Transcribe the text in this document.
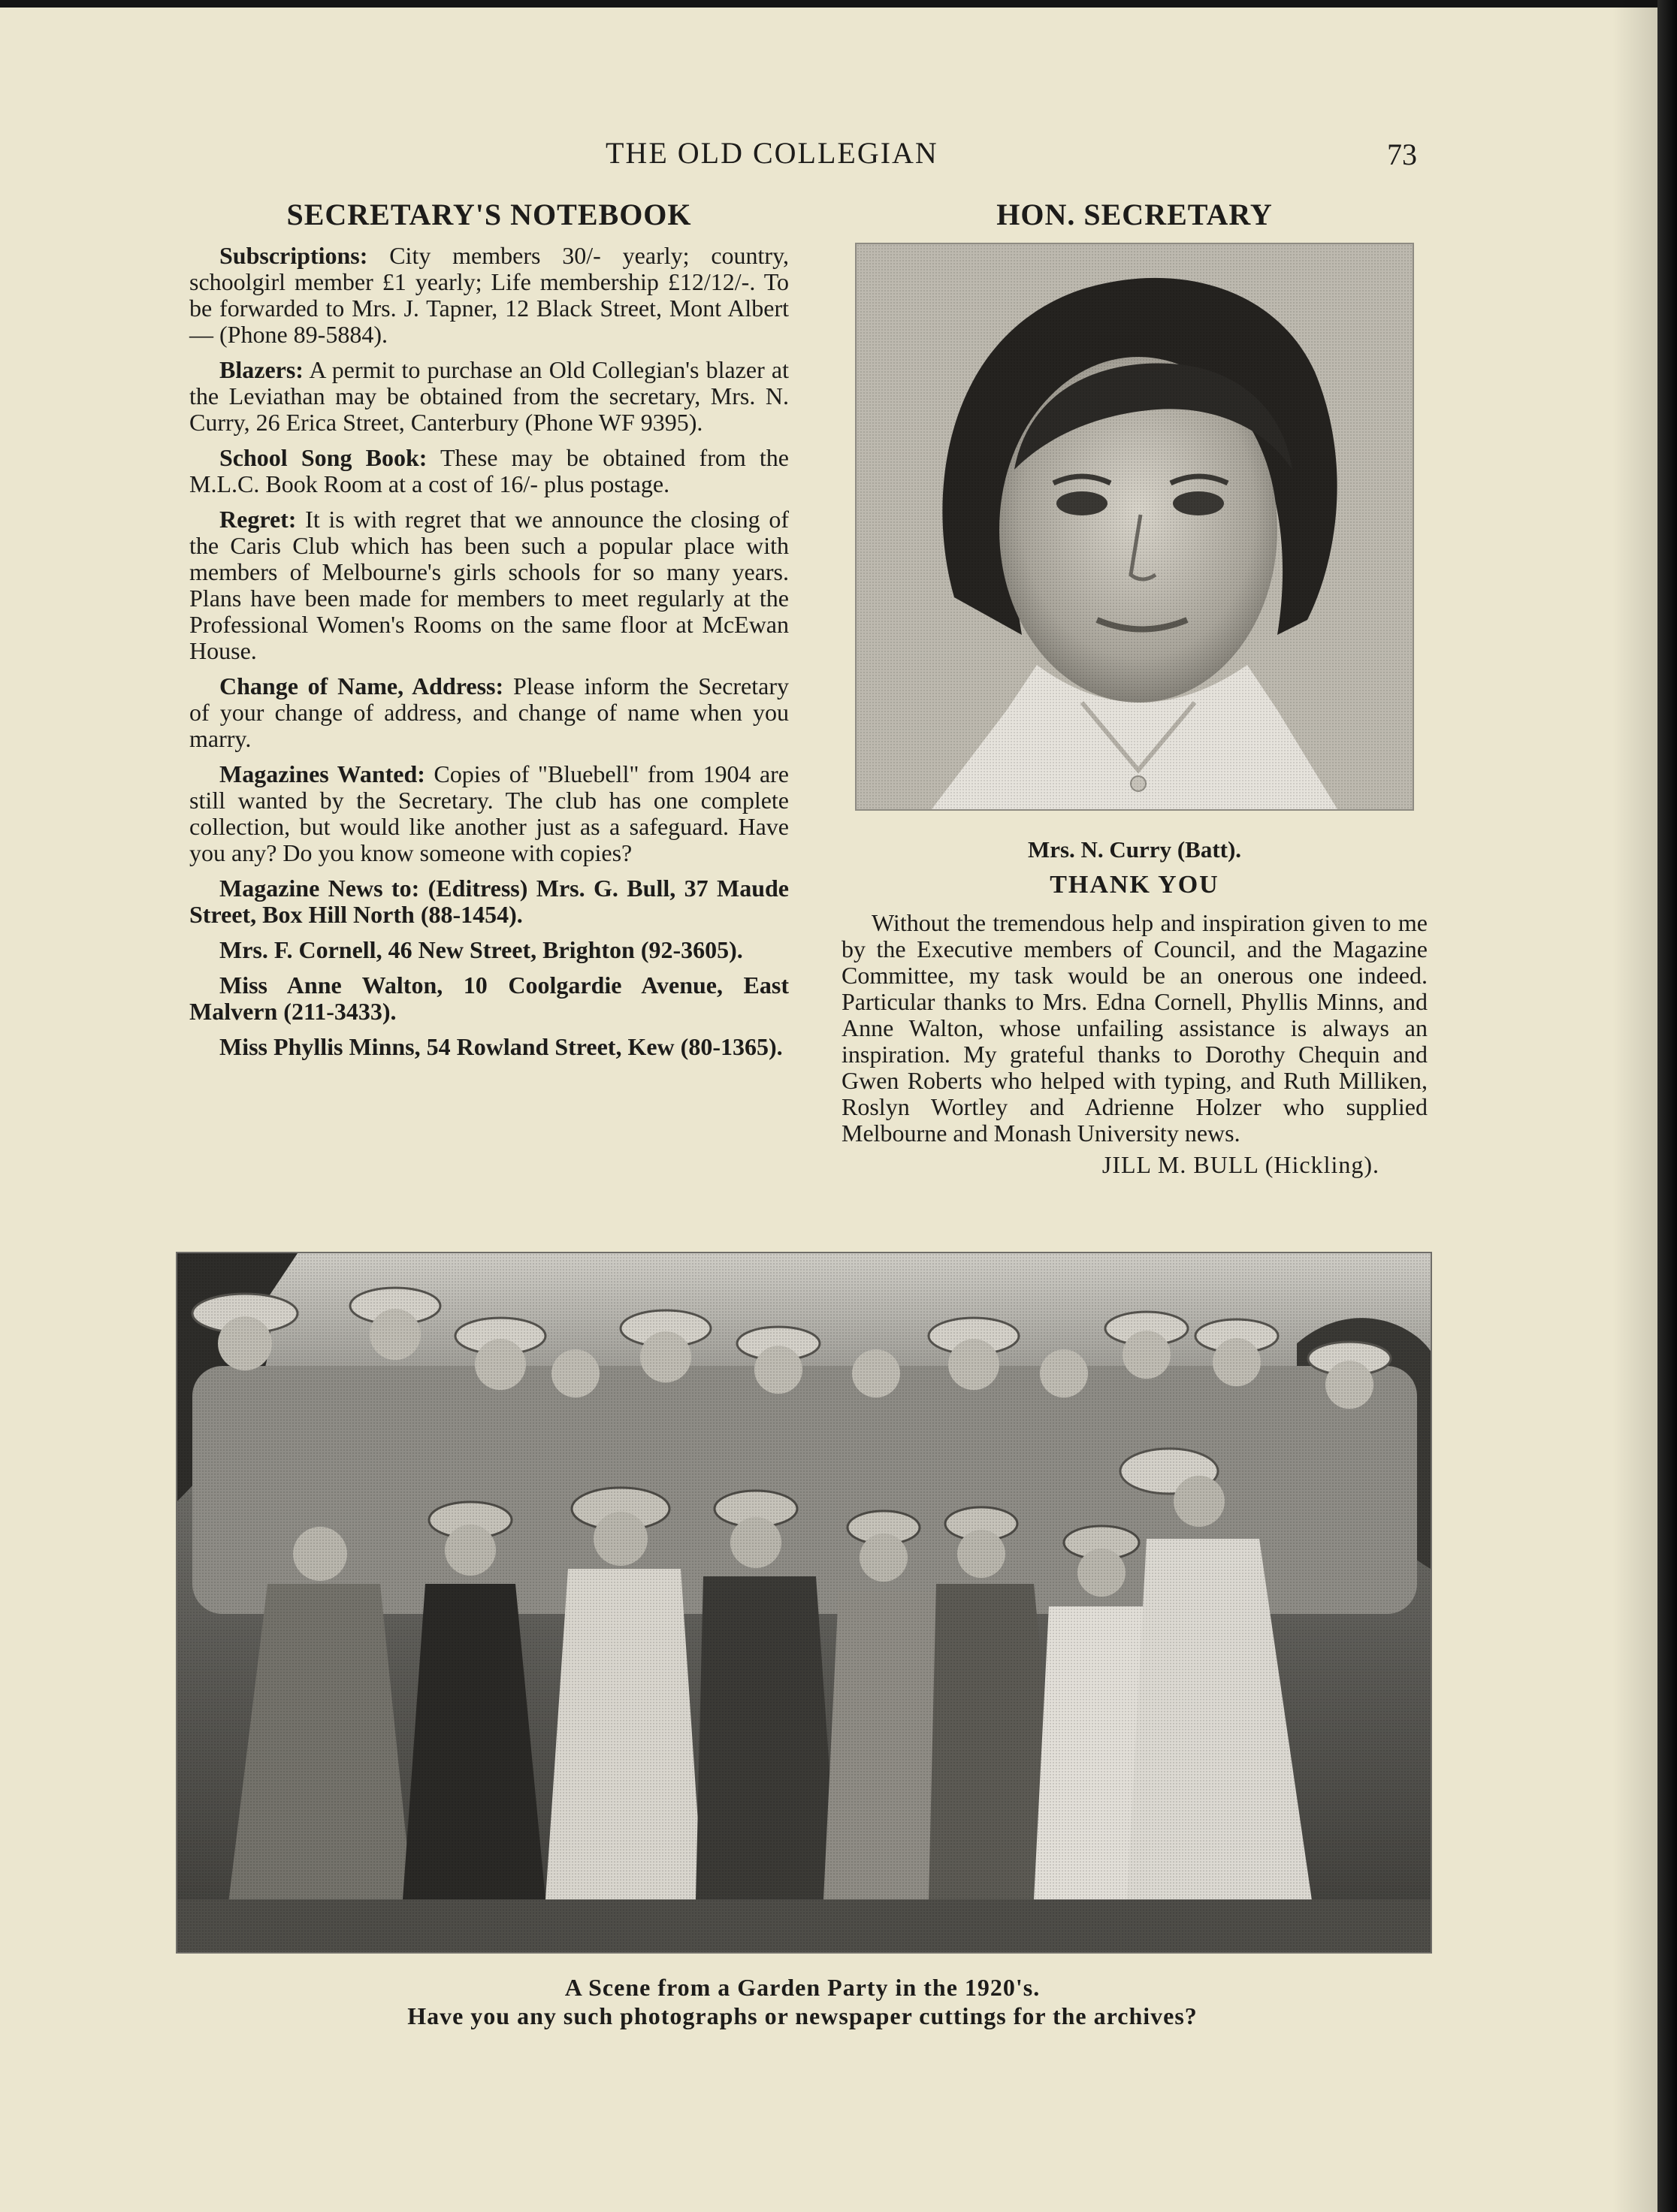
THE OLD COLLEGIAN	73
SECRETARY'S NOTEBOOK

Subscriptions: City members 30/- yearly; country, schoolgirl member £1 yearly; Life membership £12/12/-. To be forwarded to Mrs. J. Tapner, 12 Black Street, Mont Albert — (Phone 89-5884).

Blazers: A permit to purchase an Old Collegian's blazer at the Leviathan may be obtained from the secretary, Mrs. N. Curry, 26 Erica Street, Canterbury (Phone WF 9395).

School Song Book: These may be obtained from the M.L.C. Book Room at a cost of 16/- plus postage.

Regret: It is with regret that we announce the closing of the Caris Club which has been such a popular place with members of Melbourne's girls schools for so many years. Plans have been made for members to meet regularly at the Professional Women's Rooms on the same floor at McEwan House.

Change of Name, Address: Please inform the Secretary of your change of address, and change of name when you marry.

Magazines Wanted: Copies of "Bluebell" from 1904 are still wanted by the Secretary. The club has one complete collection, but would like another just as a safeguard. Have you any? Do you know someone with copies?

Magazine News to: (Editress) Mrs. G. Bull, 37 Maude Street, Box Hill North (88-1454).

Mrs. F. Cornell, 46 New Street, Brighton (92-3605).

Miss Anne Walton, 10 Coolgardie Avenue, East Malvern (211-3433).

Miss Phyllis Minns, 54 Rowland Street, Kew (80-1365).

HON. SECRETARY
Mrs. N. Curry (Batt).
THANK YOU

Without the tremendous help and inspiration given to me by the Executive members of Council, and the Magazine Committee, my task would be an onerous one indeed. Particular thanks to Mrs. Edna Cornell, Phyllis Minns, and Anne Walton, whose unfailing assistance is always an inspiration. My grateful thanks to Dorothy Chequin and Gwen Roberts who helped with typing, and Ruth Milliken, Roslyn Wortley and Adrienne Holzer who supplied Melbourne and Monash University news.

JILL M. BULL (Hickling).
A Scene from a Garden Party in the 1920's.
Have you any such photographs or newspaper cuttings for the archives?
